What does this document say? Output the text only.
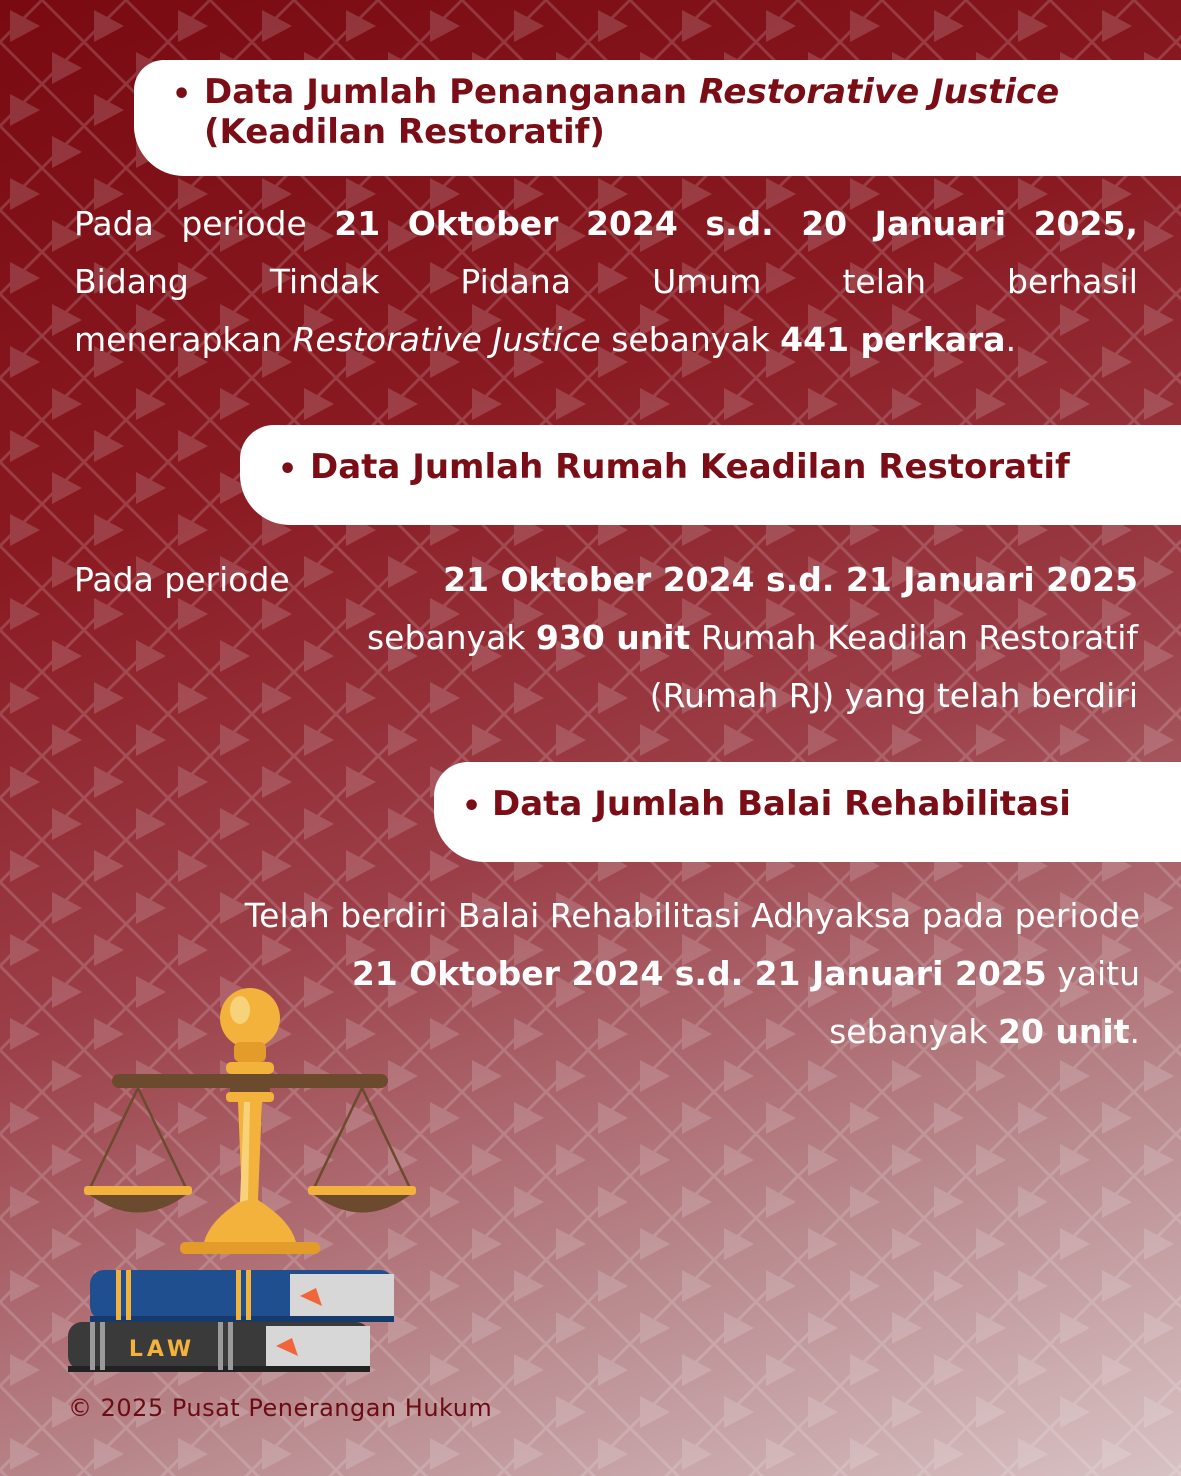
• Data Jumlah Penanganan Restorative Justice
(Keadilan Restoratif)
Pada periode 21 Oktober 2024 s.d. 20 Januari 2025,
Bidang Tindak Pidana Umum telah berhasil
menerapkan Restorative Justice sebanyak 441 perkara.
• Data Jumlah Rumah Keadilan Restoratif
Pada periode	21 Oktober 2024 s.d. 21 Januari 2025
sebanyak 930 unit Rumah Keadilan Restoratif
(Rumah RJ) yang telah berdiri
• Data Jumlah Balai Rehabilitasi
Telah berdiri Balai Rehabilitasi Adhyaksa pada periode
21 Oktober 2024 s.d. 21 Januari 2025 yaitu
sebanyak 20 unit.
LAW
© 2025 Pusat Penerangan Hukum
